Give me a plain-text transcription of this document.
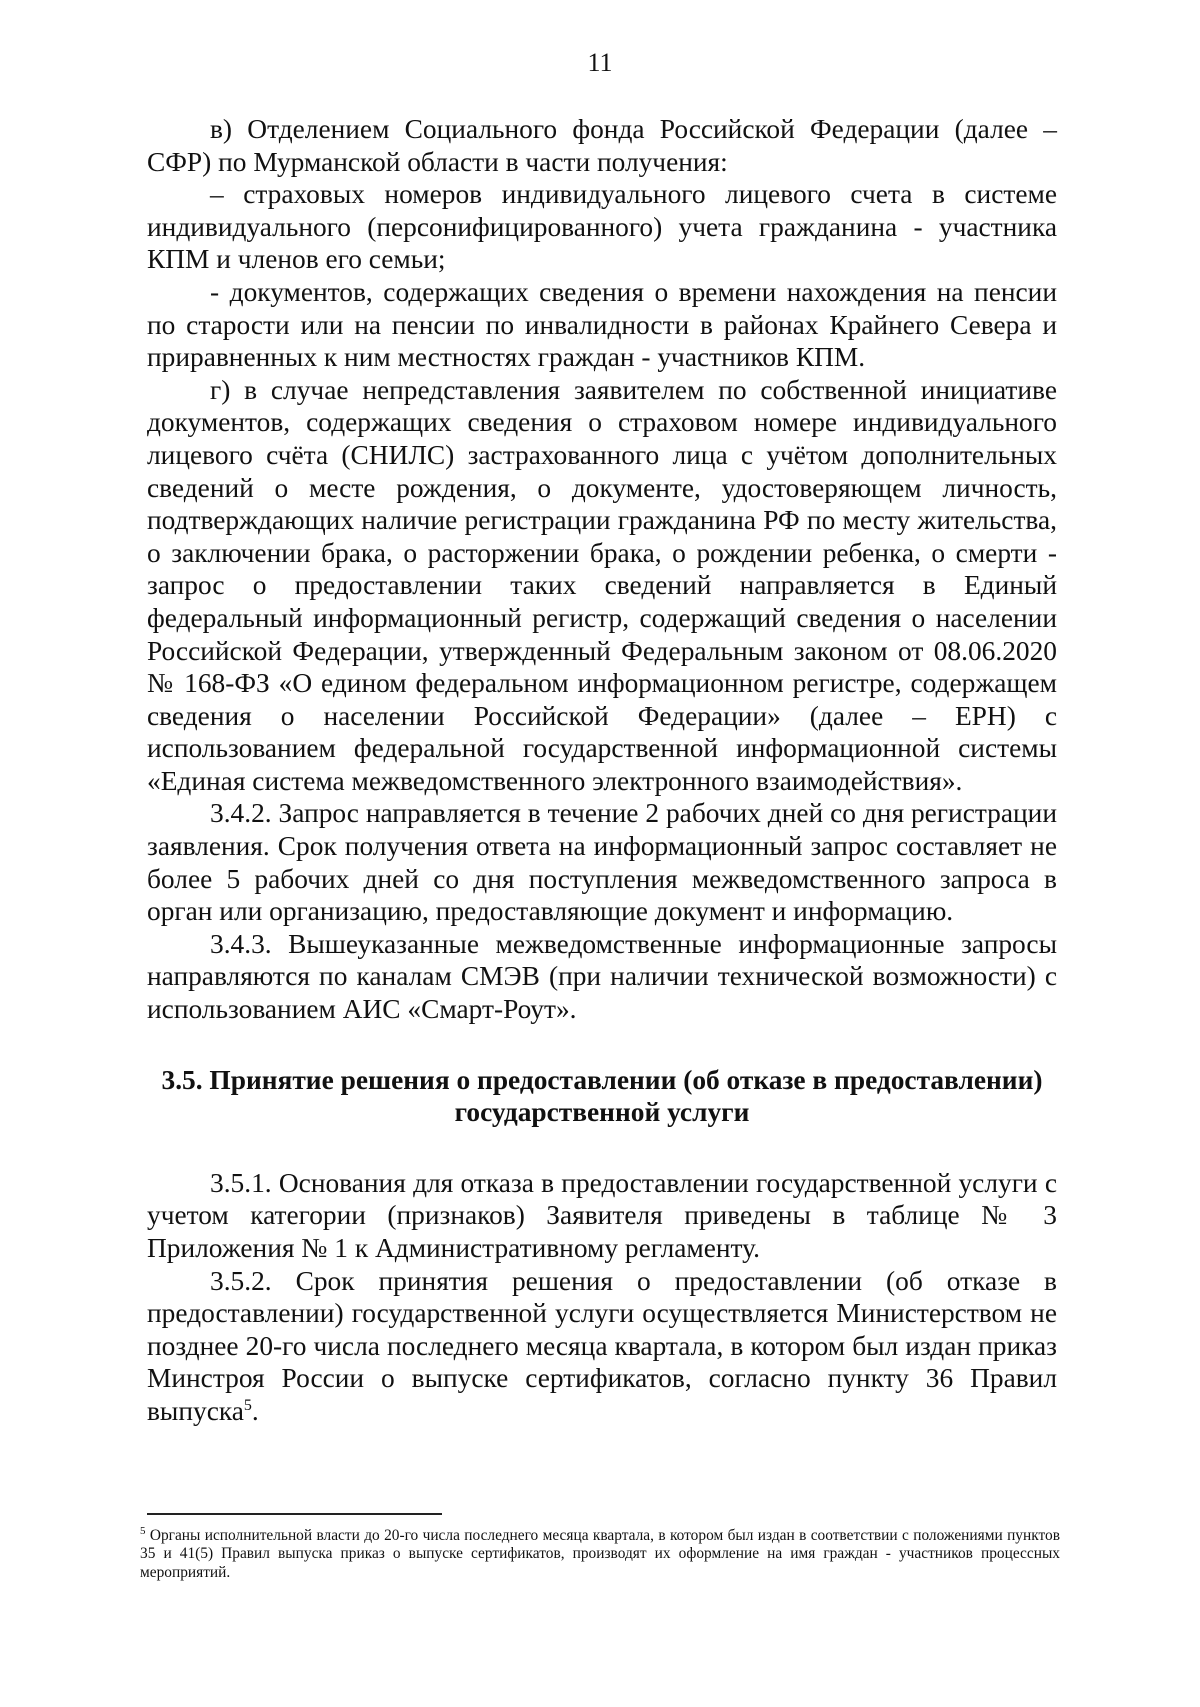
11

в) Отделением Социального фонда Российской Федерации (далее – СФР) по Мурманской области в части получения:

– страховых номеров индивидуального лицевого счета в системе индивидуального (персонифицированного) учета гражданина - участника КПМ и членов его семьи;

- документов, содержащих сведения о времени нахождения на пенсии по старости или на пенсии по инвалидности в районах Крайнего Севера и приравненных к ним местностях граждан - участников КПМ.

г) в случае непредставления заявителем по собственной инициативе документов, содержащих сведения о страховом номере индивидуального лицевого счёта (СНИЛС) застрахованного лица с учётом дополнительных сведений о месте рождения, о документе, удостоверяющем личность, подтверждающих наличие регистрации гражданина РФ по месту жительства, о заключении брака, о расторжении брака, о рождении ребенка, о смерти - запрос о предоставлении таких сведений направляется в Единый федеральный информационный регистр, содержащий сведения о населении Российской Федерации, утвержденный Федеральным законом от 08.06.2020 № 168-ФЗ «О едином федеральном информационном регистре, содержащем сведения о населении Российской Федерации» (далее – ЕРН) с использованием федеральной государственной информационной системы «Единая система межведомственного электронного взаимодействия».

3.4.2. Запрос направляется в течение 2 рабочих дней со дня регистрации заявления. Срок получения ответа на информационный запрос составляет не более 5 рабочих дней со дня поступления межведомственного запроса в орган или организацию, предоставляющие документ и информацию.

3.4.3. Вышеуказанные межведомственные информационные запросы направляются по каналам СМЭВ (при наличии технической возможности) с использованием АИС «Смарт-Роут».

3.5. Принятие решения о предоставлении (об отказе в предоставлении) государственной услуги

3.5.1. Основания для отказа в предоставлении государственной услуги с учетом категории (признаков) Заявителя приведены в таблице № 3 Приложения № 1 к Административному регламенту.

3.5.2. Срок принятия решения о предоставлении (об отказе в предоставлении) государственной услуги осуществляется Министерством не позднее 20-го числа последнего месяца квартала, в котором был издан приказ Минстроя России о выпуске сертификатов, согласно пункту 36 Правил выпуска$^5$.

$^5$ Органы исполнительной власти до 20-го числа последнего месяца квартала, в котором был издан в соответствии с положениями пунктов 35 и 41(5) Правил выпуска приказ о выпуске сертификатов, производят их оформление на имя граждан - участников процессных мероприятий.
